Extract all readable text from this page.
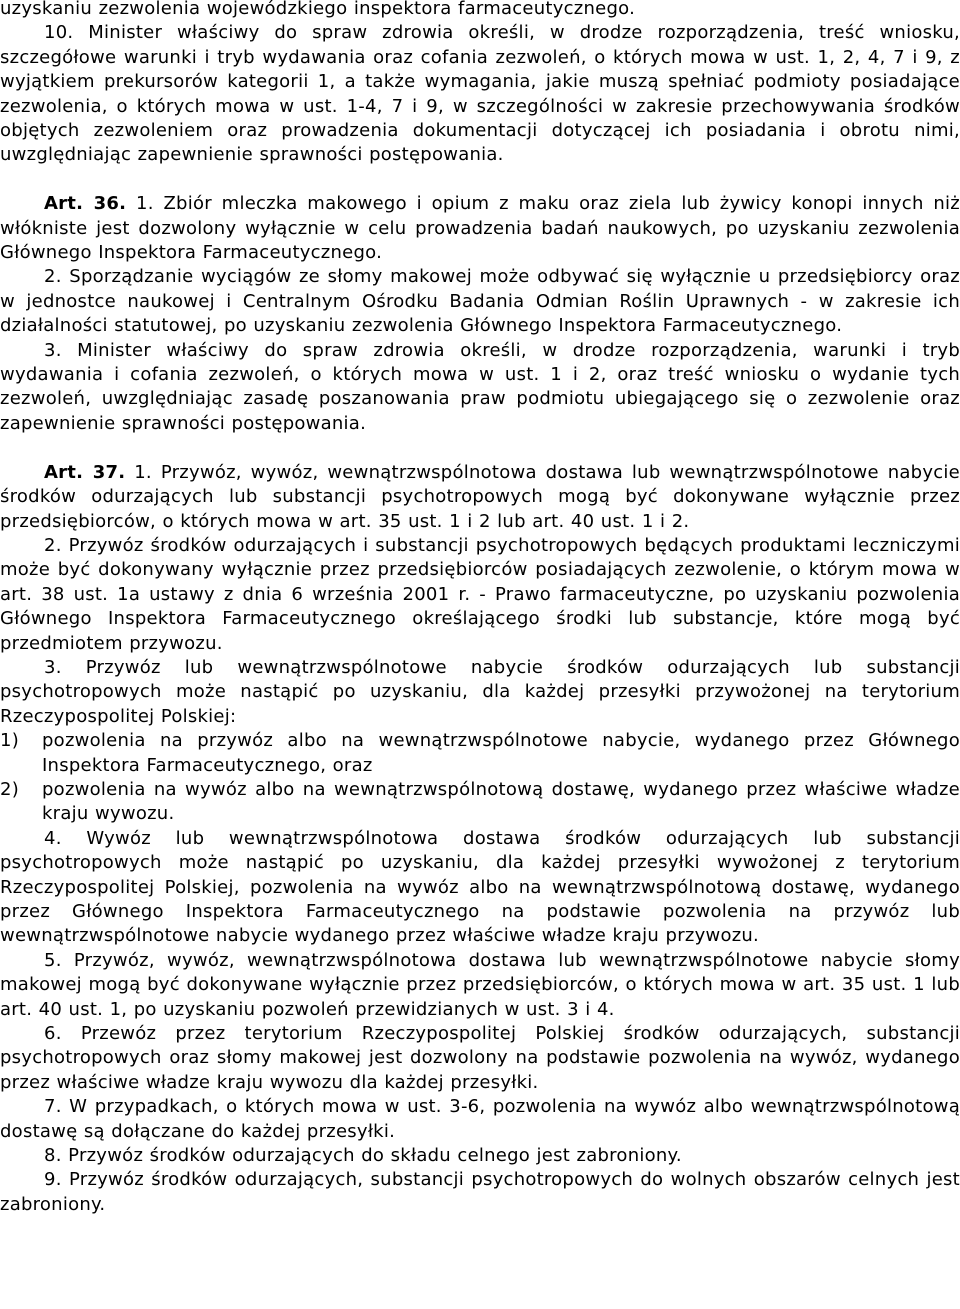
uzyskaniu zezwolenia wojewódzkiego inspektora farmaceutycznego.

10. Minister właściwy do spraw zdrowia określi, w drodze rozporządzenia, treść wniosku, szczegółowe warunki i tryb wydawania oraz cofania zezwoleń, o których mowa w ust. 1, 2, 4, 7 i 9, z wyjątkiem prekursorów kategorii 1, a także wymagania, jakie muszą spełniać podmioty posiadające zezwolenia, o których mowa w ust. 1-4, 7 i 9, w szczególności w zakresie przechowywania środków objętych zezwoleniem oraz prowadzenia dokumentacji dotyczącej ich posiadania i obrotu nimi, uwzględniając zapewnienie sprawności postępowania.

Art. 36. 1. Zbiór mleczka makowego i opium z maku oraz ziela lub żywicy konopi innych niż włókniste jest dozwolony wyłącznie w celu prowadzenia badań naukowych, po uzyskaniu zezwolenia Głównego Inspektora Farmaceutycznego.

2. Sporządzanie wyciągów ze słomy makowej może odbywać się wyłącznie u przedsiębiorcy oraz w jednostce naukowej i Centralnym Ośrodku Badania Odmian Roślin Uprawnych - w zakresie ich działalności statutowej, po uzyskaniu zezwolenia Głównego Inspektora Farmaceutycznego.

3. Minister właściwy do spraw zdrowia określi, w drodze rozporządzenia, warunki i tryb wydawania i cofania zezwoleń, o których mowa w ust. 1 i 2, oraz treść wniosku o wydanie tych zezwoleń, uwzględniając zasadę poszanowania praw podmiotu ubiegającego się o zezwolenie oraz zapewnienie sprawności postępowania.

Art. 37. 1. Przywóz, wywóz, wewnątrzwspólnotowa dostawa lub wewnątrzwspólnotowe nabycie środków odurzających lub substancji psychotropowych mogą być dokonywane wyłącznie przez przedsiębiorców, o których mowa w art. 35 ust. 1 i 2 lub art. 40 ust. 1 i 2.

2. Przywóz środków odurzających i substancji psychotropowych będących produktami leczniczymi może być dokonywany wyłącznie przez przedsiębiorców posiadających zezwolenie, o którym mowa w art. 38 ust. 1a ustawy z dnia 6 września 2001 r. - Prawo farmaceutyczne, po uzyskaniu pozwolenia Głównego Inspektora Farmaceutycznego określającego środki lub substancje, które mogą być przedmiotem przywozu.

3. Przywóz lub wewnątrzwspólnotowe nabycie środków odurzających lub substancji psychotropowych może nastąpić po uzyskaniu, dla każdej przesyłki przywożonej na terytorium Rzeczypospolitej Polskiej:

1)	pozwolenia na przywóz albo na wewnątrzwspólnotowe nabycie, wydanego przez Głównego Inspektora Farmaceutycznego, oraz
2)	pozwolenia na wywóz albo na wewnątrzwspólnotową dostawę, wydanego przez właściwe władze kraju wywozu.

4. Wywóz lub wewnątrzwspólnotowa dostawa środków odurzających lub substancji psychotropowych może nastąpić po uzyskaniu, dla każdej przesyłki wywożonej z terytorium Rzeczypospolitej Polskiej, pozwolenia na wywóz albo na wewnątrzwspólnotową dostawę, wydanego przez Głównego Inspektora Farmaceutycznego na podstawie pozwolenia na przywóz lub wewnątrzwspólnotowe nabycie wydanego przez właściwe władze kraju przywozu.

5. Przywóz, wywóz, wewnątrzwspólnotowa dostawa lub wewnątrzwspólnotowe nabycie słomy makowej mogą być dokonywane wyłącznie przez przedsiębiorców, o których mowa w art. 35 ust. 1 lub art. 40 ust. 1, po uzyskaniu pozwoleń przewidzianych w ust. 3 i 4.

6. Przewóz przez terytorium Rzeczypospolitej Polskiej środków odurzających, substancji psychotropowych oraz słomy makowej jest dozwolony na podstawie pozwolenia na wywóz, wydanego przez właściwe władze kraju wywozu dla każdej przesyłki.

7. W przypadkach, o których mowa w ust. 3-6, pozwolenia na wywóz albo wewnątrzwspólnotową dostawę są dołączane do każdej przesyłki.

8. Przywóz środków odurzających do składu celnego jest zabroniony.

9. Przywóz środków odurzających, substancji psychotropowych do wolnych obszarów celnych jest zabroniony.
